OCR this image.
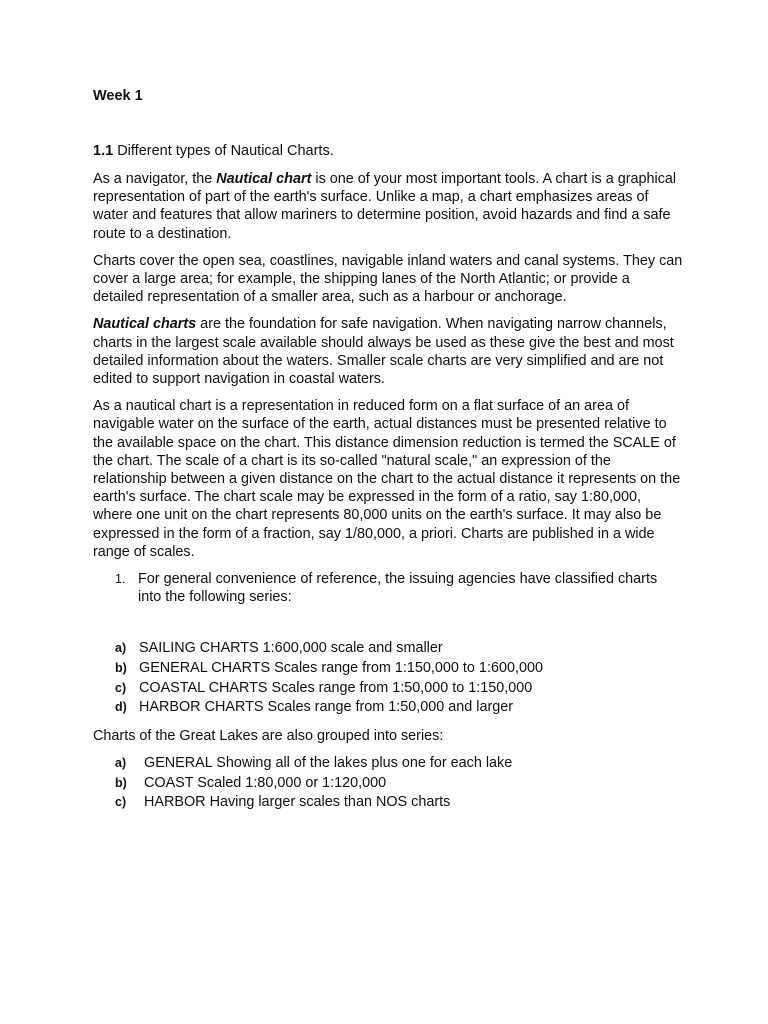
Week 1
1.1 Different types of Nautical Charts.

As a navigator, the Nautical chart is one of your most important tools. A chart is a graphical representation of part of the earth's surface. Unlike a map, a chart emphasizes areas of water and features that allow mariners to determine position, avoid hazards and find a safe route to a destination.

Charts cover the open sea, coastlines, navigable inland waters and canal systems. They can cover a large area; for example, the shipping lanes of the North Atlantic; or provide a detailed representation of a smaller area, such as a harbour or anchorage.

Nautical charts are the foundation for safe navigation. When navigating narrow channels, charts in the largest scale available should always be used as these give the best and most detailed information about the waters. Smaller scale charts are very simplified and are not edited to support navigation in coastal waters.

As a nautical chart is a representation in reduced form on a flat surface of an area of navigable water on the surface of the earth, actual distances must be presented relative to the available space on the chart. This distance dimension reduction is termed the SCALE of the chart. The scale of a chart is its so-called "natural scale," an expression of the relationship between a given distance on the chart to the actual distance it represents on the earth's surface. The chart scale may be expressed in the form of a ratio, say 1:80,000, where one unit on the chart represents 80,000 units on the earth's surface. It may also be expressed in the form of a fraction, say 1/80,000, a priori. Charts are published in a wide range of scales.

1. For general convenience of reference, the issuing agencies have classified charts into the following series:
a) SAILING CHARTS 1:600,000 scale and smaller
b) GENERAL CHARTS Scales range from 1:150,000 to 1:600,000
c) COASTAL CHARTS Scales range from 1:50,000 to 1:150,000
d) HARBOR CHARTS Scales range from 1:50,000 and larger

Charts of the Great Lakes are also grouped into series:

a) GENERAL Showing all of the lakes plus one for each lake
b) COAST Scaled 1:80,000 or 1:120,000
c) HARBOR Having larger scales than NOS charts
